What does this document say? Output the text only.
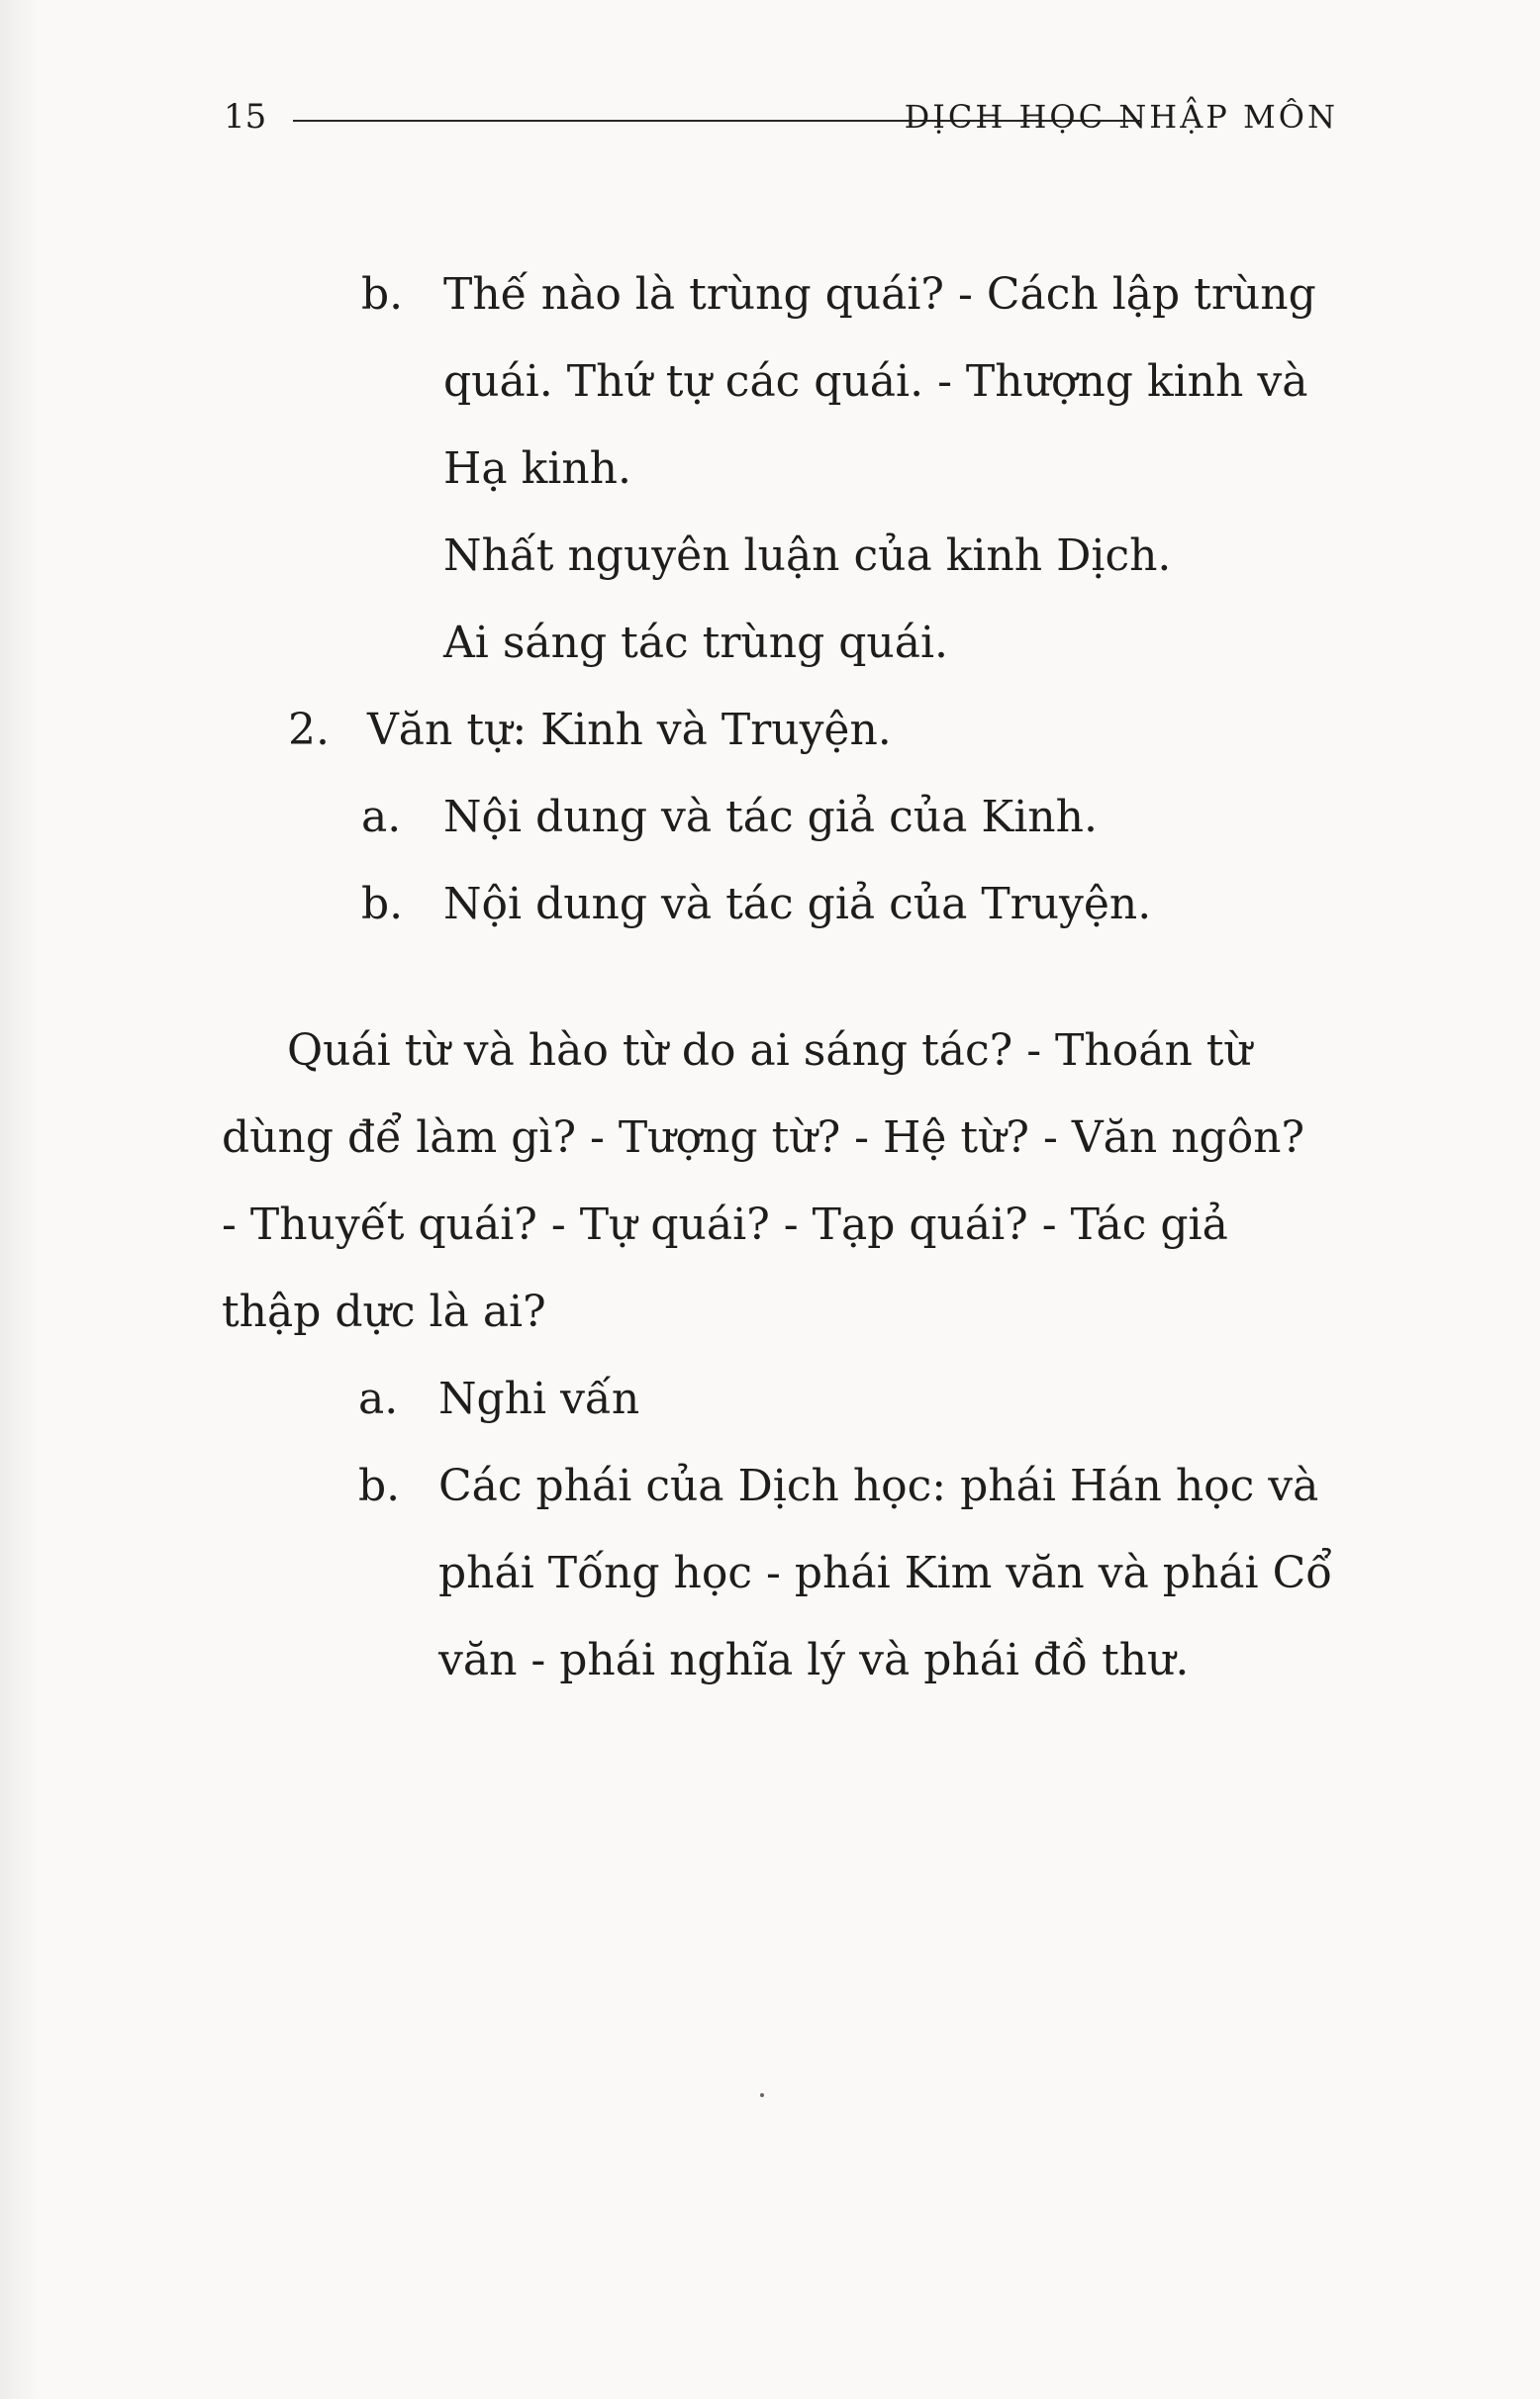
15	DỊCH HỌC NHẬP MÔN
b. Thế nào là trùng quái? - Cách lập trùng
quái. Thứ tự các quái. - Thượng kinh và
Hạ kinh.
Nhất nguyên luận của kinh Dịch.
Ai sáng tác trùng quái.
2. Văn tự: Kinh và Truyện.
a. Nội dung và tác giả của Kinh.
b. Nội dung và tác giả của Truyện.
Quái từ và hào từ do ai sáng tác? - Thoán từ
dùng để làm gì? - Tượng từ? - Hệ từ? - Văn ngôn?
- Thuyết quái? - Tự quái? - Tạp quái? - Tác giả
thập dực là ai?
a. Nghi vấn
b. Các phái của Dịch học: phái Hán học và
phái Tống học - phái Kim văn và phái Cổ
văn - phái nghĩa lý và phái đồ thư.
